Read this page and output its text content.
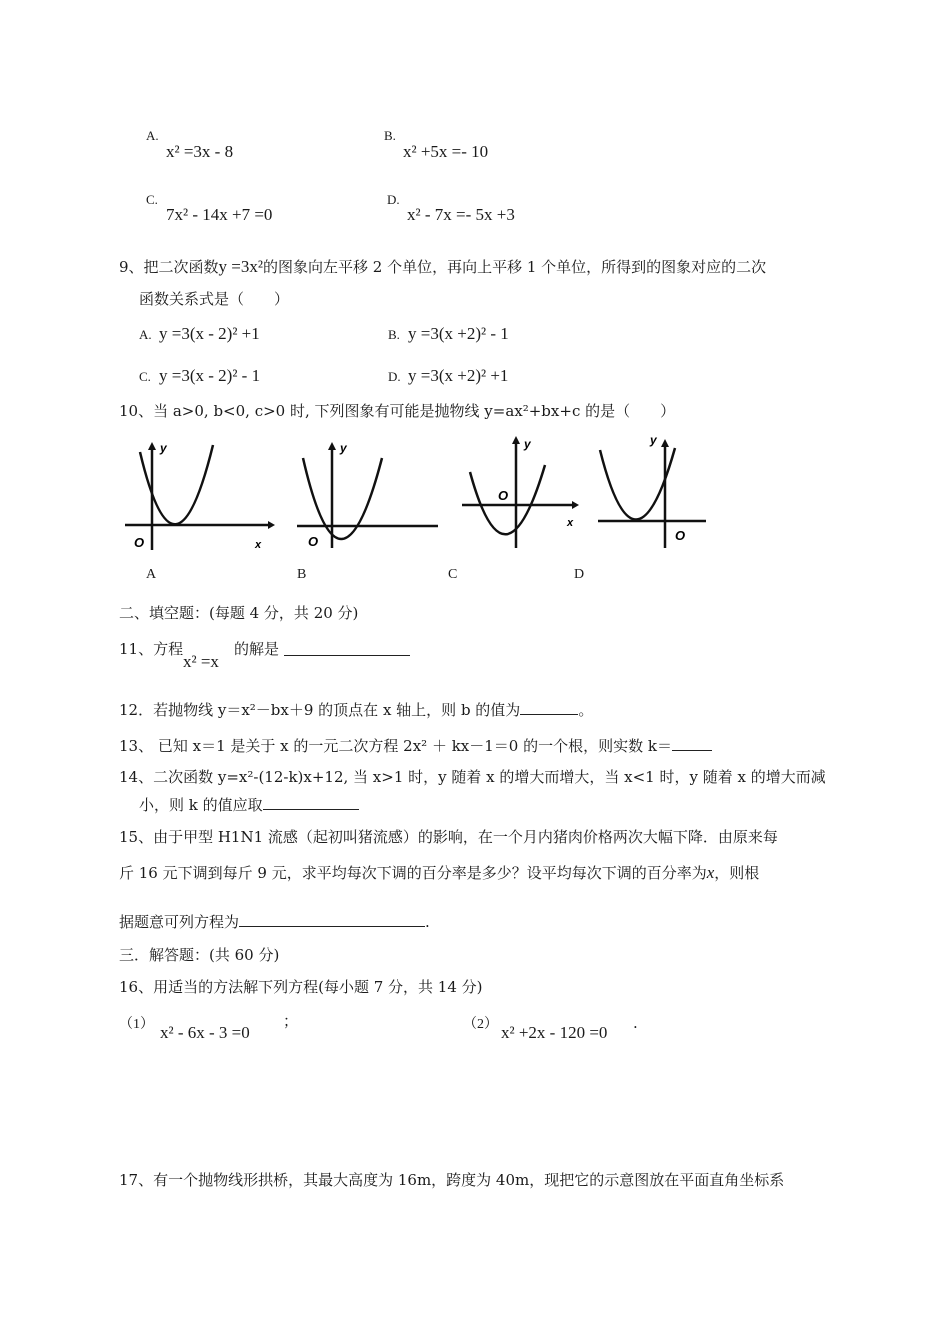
A.
x² =3x - 8
B.
x² +5x =- 10
C.
7x² - 14x +7 =0
D.
x² - 7x =- 5x +3
9、把二次函数y =3x²的图象向左平移 2 个单位，再向上平移 1 个单位，所得到的图象对应的二次
函数关系式是（　　）
A. y =3(x - 2)² +1	B. y =3(x +2)² - 1
C. y =3(x - 2)² - 1	D. y =3(x +2)² +1
10、当 a>0, b<0, c>0 时, 下列图象有可能是抛物线 y=ax²+bx+c 的是（　　）
y
O	x
y
O
y
O
x
y
O
A	B	C	D
二、填空题：(每题 4 分，共 20 分)
11、方程
x² =x
的解是
12．若抛物线 y＝x²－bx＋9 的顶点在 x 轴上，则 b 的值为	。
13、 已知 x＝1 是关于 x 的一元二次方程 2x² ＋ kx－1＝0 的一个根，则实数 k＝
14、二次函数 y=x²-(12-k)x+12, 当 x>1 时，y 随着 x 的增大而增大，当 x<1 时，y 随着 x 的增大而减
小，则 k 的值应取
15、由于甲型 H1N1 流感（起初叫猪流感）的影响，在一个月内猪肉价格两次大幅下降．由原来每
斤 16 元下调到每斤 9 元，求平均每次下调的百分率是多少？设平均每次下调的百分率为x，则根
据题意可列方程为	.
三．解答题：(共 60 分)
16、用适当的方法解下列方程(每小题 7 分，共 14 分)
（1） x² - 6x - 3 =0
；	（2） x² +2x - 120 =0 .
17、有一个抛物线形拱桥，其最大高度为 16m，跨度为 40m，现把它的示意图放在平面直角坐标系
